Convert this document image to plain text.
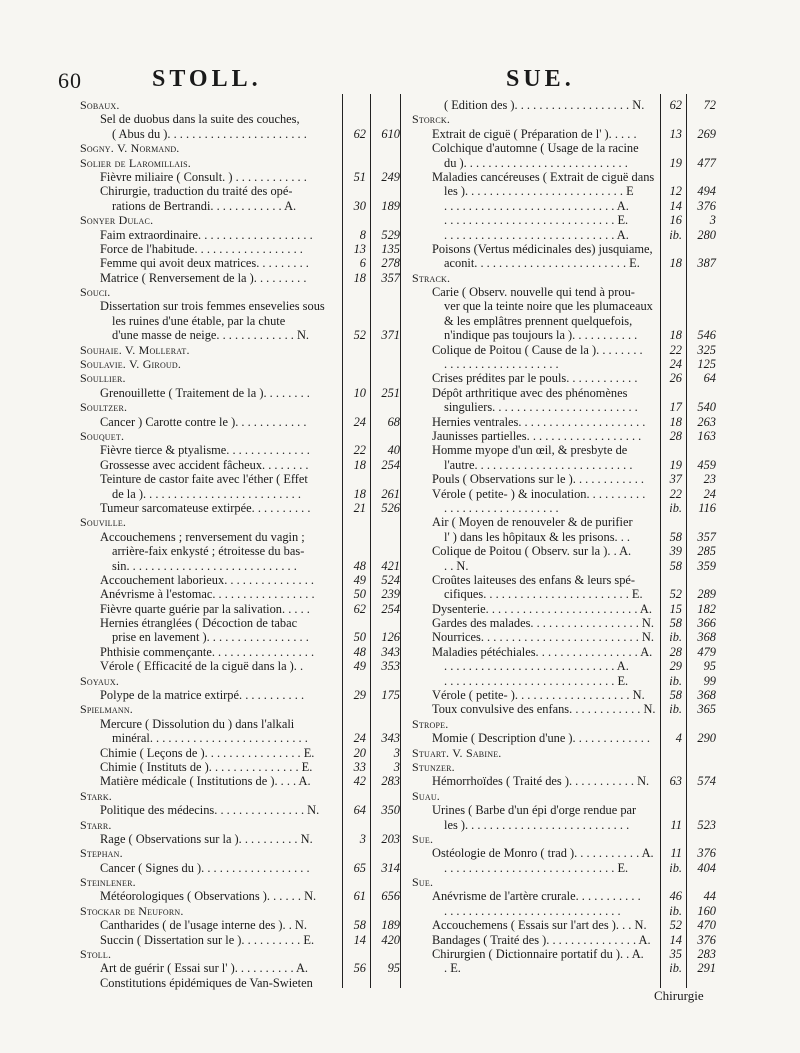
60	STOLL.	SUE.
Sobaux.
Sel de duobus dans la suite des couches,
( Abus du ). . . . . . . . . . . . . . . . . . . . . . .	62	610
Sogny. V. Normand.
Solier de Laromillais.
Fièvre miliaire ( Consult. ) . . . . . . . . . . . .	51	249
Chirurgie, traduction du traité des opé-
rations de Bertrandi. . . . . . . . . . . . A.	30	189
Sonyer Dulac.
Faim extraordinaire. . . . . . . . . . . . . . . . . . .	8	529
Force de l'habitude. . . . . . . . . . . . . . . . . .	13	135
Femme qui avoit deux matrices. . . . . . . . .	6	278
Matrice ( Renversement de la ). . . . . . . . .	18	357
Souci.
Dissertation sur trois femmes ensevelies sous
les ruines d'une étable, par la chute
d'une masse de neige. . . . . . . . . . . . . N.	52	371
Souhaie. V. Mollerat.
Soulavie. V. Giroud.
Soullier.
Grenouillette ( Traitement de la ). . . . . . . .	10	251
Soultzer.
Cancer ) Carotte contre le ). . . . . . . . . . . .	24	68
Souquet.
Fièvre tierce & ptyalisme. . . . . . . . . . . . . .	22	40
Grossesse avec accident fâcheux. . . . . . . .	18	254
Teinture de castor faite avec l'éther ( Effet
de la ). . . . . . . . . . . . . . . . . . . . . . . . . .	18	261
Tumeur sarcomateuse extirpée. . . . . . . . . .	21	526
Souville.
Accouchemens ; renversement du vagin ;
arrière-faix enkysté ; étroitesse du bas-
sin. . . . . . . . . . . . . . . . . . . . . . . . . . . .	48	421
Accouchement laborieux. . . . . . . . . . . . . . .	49	524
Anévrisme à l'estomac. . . . . . . . . . . . . . . . .	50	239
Fièvre quarte guérie par la salivation. . . . .	62	254
Hernies étranglées ( Décoction de tabac
prise en lavement ). . . . . . . . . . . . . . . . .	50	126
Phthisie commençante. . . . . . . . . . . . . . . . .	48	343
Vérole ( Efficacité de la ciguë dans la ). .	49	353
Soyaux.
Polype de la matrice extirpé. . . . . . . . . . .	29	175
Spielmann.
Mercure ( Dissolution du ) dans l'alkali
minéral. . . . . . . . . . . . . . . . . . . . . . . . . .	24	343
Chimie ( Leçons de ). . . . . . . . . . . . . . . . E.	20	3
Chimie ( Instituts de ). . . . . . . . . . . . . . . E.	33	3
Matière médicale ( Institutions de ). . . . A.	42	283
Stark.
Politique des médecins. . . . . . . . . . . . . . . N.	64	350
Starr.
Rage ( Observations sur la ). . . . . . . . . . N.	3	203
Stephan.
Cancer ( Signes du ). . . . . . . . . . . . . . . . . .	65	314
Steinlener.
Météorologiques ( Observations ). . . . . . N.	61	656
Stockar de Neuforn.
Cantharides ( de l'usage interne des ). . N.	58	189
Succin ( Dissertation sur le ). . . . . . . . . . E.	14	420
Stoll.
Art de guérir ( Essai sur l' ). . . . . . . . . . A.	56	95
Constitutions épidémiques de Van-Swieten
( Edition des ). . . . . . . . . . . . . . . . . . . N.	62	72
Storck.
Extrait de ciguë ( Préparation de l' ). . . . .	13	269
Colchique d'automne ( Usage de la racine
du ). . . . . . . . . . . . . . . . . . . . . . . . . . .	19	477
Maladies cancéreuses ( Extrait de ciguë dans
les ). . . . . . . . . . . . . . . . . . . . . . . . . . E	12	494
. . . . . . . . . . . . . . . . . . . . . . . . . . . . A.	14	376
. . . . . . . . . . . . . . . . . . . . . . . . . . . . E.	16	3
. . . . . . . . . . . . . . . . . . . . . . . . . . . . A.	ib.	280
Poisons (Vertus médicinales des) jusquiame,
aconit. . . . . . . . . . . . . . . . . . . . . . . . . E.	18	387
Strack.
Carie ( Observ. nouvelle qui tend à prou-
ver que la teinte noire que les plumaceaux
& les emplâtres prennent quelquefois,
n'indique pas toujours la ). . . . . . . . . . .	18	546
Colique de Poitou ( Cause de la ). . . . . . . .	22	325
. . . . . . . . . . . . . . . . . . .	24	125
Crises prédites par le pouls. . . . . . . . . . . .	26	64
Dépôt arthritique avec des phénomènes
singuliers. . . . . . . . . . . . . . . . . . . . . . . .	17	540
Hernies ventrales. . . . . . . . . . . . . . . . . . . . .	18	263
Jaunisses partielles. . . . . . . . . . . . . . . . . . .	28	163
Homme myope d'un œil, & presbyte de
l'autre. . . . . . . . . . . . . . . . . . . . . . . . . .	19	459
Pouls ( Observations sur le ). . . . . . . . . . . .	37	23
Vérole ( petite- ) & inoculation. . . . . . . . . .	22	24
. . . . . . . . . . . . . . . . . . .	ib.	116
Air ( Moyen de renouveler & de purifier
l' ) dans les hôpitaux & les prisons. . .	58	357
Colique de Poitou ( Observ. sur la ). . A.	39	285
. . N.	58	359
Croûtes laiteuses des enfans & leurs spé-
cifiques. . . . . . . . . . . . . . . . . . . . . . . . E.	52	289
Dysenterie. . . . . . . . . . . . . . . . . . . . . . . . . A.	15	182
Gardes des malades. . . . . . . . . . . . . . . . . . N.	58	366
Nourrices. . . . . . . . . . . . . . . . . . . . . . . . . . N.	ib.	368
Maladies pétéchiales. . . . . . . . . . . . . . . . . A.	28	479
. . . . . . . . . . . . . . . . . . . . . . . . . . . . A.	29	95
. . . . . . . . . . . . . . . . . . . . . . . . . . . . E.	ib.	99
Vérole ( petite- ). . . . . . . . . . . . . . . . . . . N.	58	368
Toux convulsive des enfans. . . . . . . . . . . . N.	ib.	365
Strope.
Momie ( Description d'une ). . . . . . . . . . . . .	4	290
Stuart. V. Sabine.
Stunzer.
Hémorrhoïdes ( Traité des ). . . . . . . . . . . N.	63	574
Suau.
Urines ( Barbe d'un épi d'orge rendue par
les ). . . . . . . . . . . . . . . . . . . . . . . . . . .	11	523
Sue.
Ostéologie de Monro ( trad ). . . . . . . . . . . A.	11	376
. . . . . . . . . . . . . . . . . . . . . . . . . . . . E.	ib.	404
Sue.
Anévrisme de l'artère crurale. . . . . . . . . . .	46	44
. . . . . . . . . . . . . . . . . . . . . . . . . . . . .	ib.	160
Accouchemens ( Essais sur l'art des ). . . N.	52	470
Bandages ( Traité des ). . . . . . . . . . . . . . . A.	14	376
Chirurgien ( Dictionnaire portatif du ). . A.	35	283
. E.	ib.	291
Chirurgie
